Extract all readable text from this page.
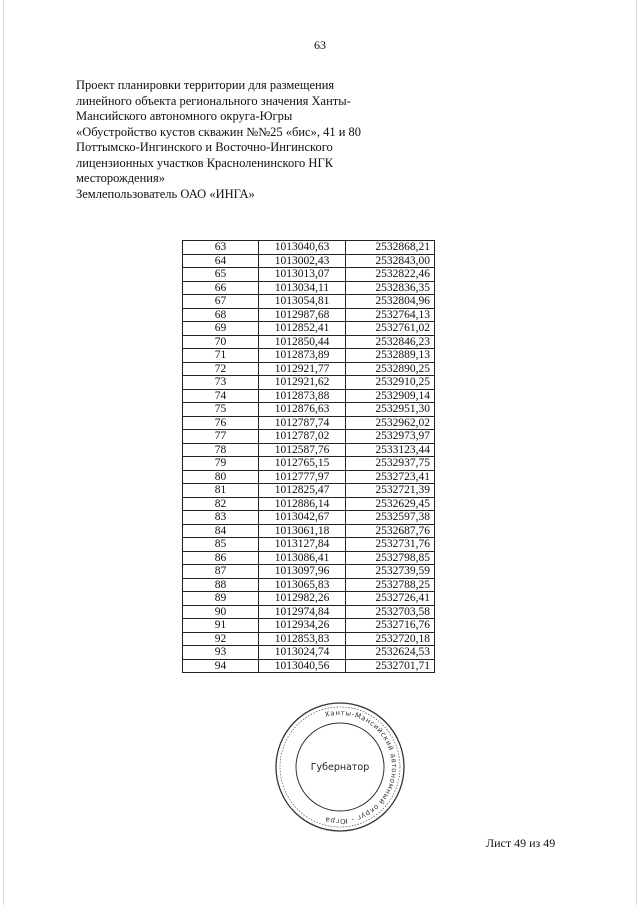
63
Проект планировки территории для размещения
линейного объекта регионального значения Ханты-
Мансийского автономного округа-Югры
«Обустройство кустов скважин №№25 «бис», 41 и 80
Поттымско-Ингинского и Восточно-Ингинского
лицензионных участков Красноленинского НГК
месторождения»
Землепользователь ОАО «ИНГА»
63	1013040,63	2532868,21
64	1013002,43	2532843,00
65	1013013,07	2532822,46
66	1013034,11	2532836,35
67	1013054,81	2532804,96
68	1012987,68	2532764,13
69	1012852,41	2532761,02
70	1012850,44	2532846,23
71	1012873,89	2532889,13
72	1012921,77	2532890,25
73	1012921,62	2532910,25
74	1012873,88	2532909,14
75	1012876,63	2532951,30
76	1012787,74	2532962,02
77	1012787,02	2532973,97
78	1012587,76	2533123,44
79	1012765,15	2532937,75
80	1012777,97	2532723,41
81	1012825,47	2532721,39
82	1012886,14	2532629,45
83	1013042,67	2532597,38
84	1013061,18	2532687,76
85	1013127,84	2532731,76
86	1013086,41	2532798,85
87	1013097,96	2532739,59
88	1013065,83	2532788,25
89	1012982,26	2532726,41
90	1012974,84	2532703,58
91	1012934,26	2532716,76
92	1012853,83	2532720,18
93	1013024,74	2532624,53
94	1013040,56	2532701,71
Ханты-Мансийский автономный округ - Югра
Губернатор
Лист 49 из 49
